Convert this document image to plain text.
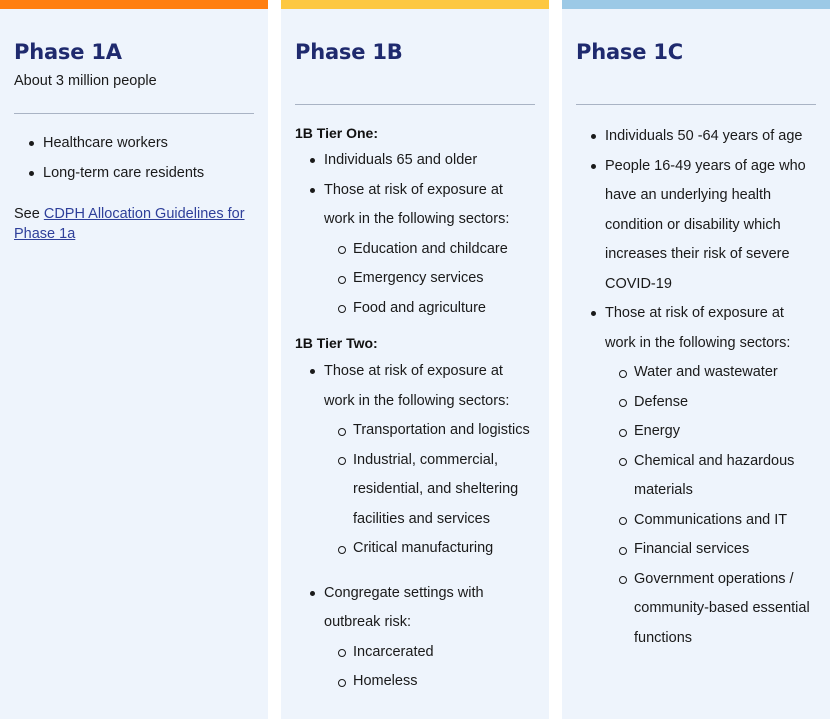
Phase 1A

About 3 million people

Healthcare workers
Long-term care residents

See CDPH Allocation Guidelines for Phase 1a

Phase 1B

1B Tier One:

Individuals 65 and older
Those at risk of exposure at work in the following sectors:
Education and childcare
Emergency services
Food and agriculture

1B Tier Two:

Those at risk of exposure at work in the following sectors:
Transportation and logistics
Industrial, commercial, residential, and sheltering facilities and services
Critical manufacturing
Congregate settings with outbreak risk:
Incarcerated
Homeless
Phase 1C
Individuals 50 -64 years of age
People 16-49 years of age who have an underlying health condition or disability which increases their risk of severe COVID-19
Those at risk of exposure at work in the following sectors:
Water and wastewater
Defense
Energy
Chemical and hazardous materials
Communications and IT
Financial services
Government operations / community-based essential functions
